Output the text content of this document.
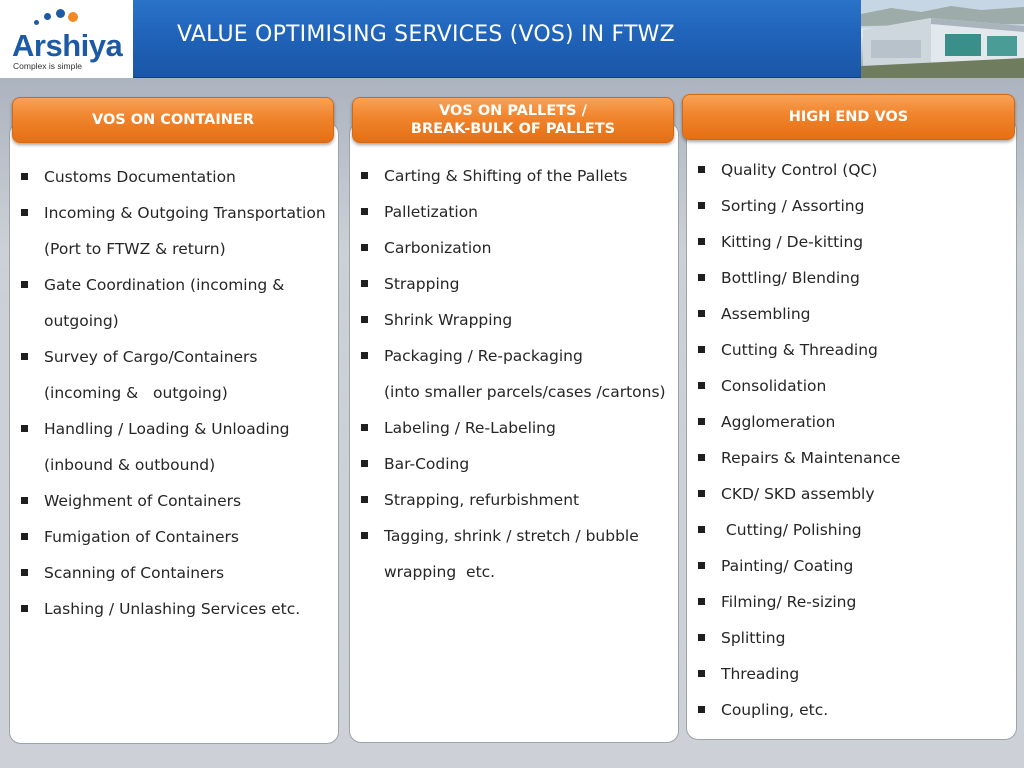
Arshiya
Complex is simple
VALUE OPTIMISING SERVICES (VOS) IN FTWZ
Customs Documentation
Incoming & Outgoing Transportation
(Port to FTWZ & return)
Gate Coordination (incoming &
outgoing)
Survey of Cargo/Containers
(incoming &   outgoing)
Handling / Loading & Unloading
(inbound & outbound)
Weighment of Containers
Fumigation of Containers
Scanning of Containers
Lashing / Unlashing Services etc.
VOS ON CONTAINER
Carting & Shifting of the Pallets
Palletization
Carbonization
Strapping
Shrink Wrapping
Packaging / Re-packaging
(into smaller parcels/cases /cartons)
Labeling / Re-Labeling
Bar-Coding
Strapping, refurbishment
Tagging, shrink / stretch / bubble
wrapping  etc.
VOS ON PALLETS /
BREAK-BULK OF PALLETS
Quality Control (QC)
Sorting / Assorting
Kitting / De-kitting
Bottling/ Blending
Assembling
Cutting & Threading
Consolidation
Agglomeration
Repairs & Maintenance
CKD/ SKD assembly
Cutting/ Polishing
Painting/ Coating
Filming/ Re-sizing
Splitting
Threading
Coupling, etc.
HIGH END VOS
